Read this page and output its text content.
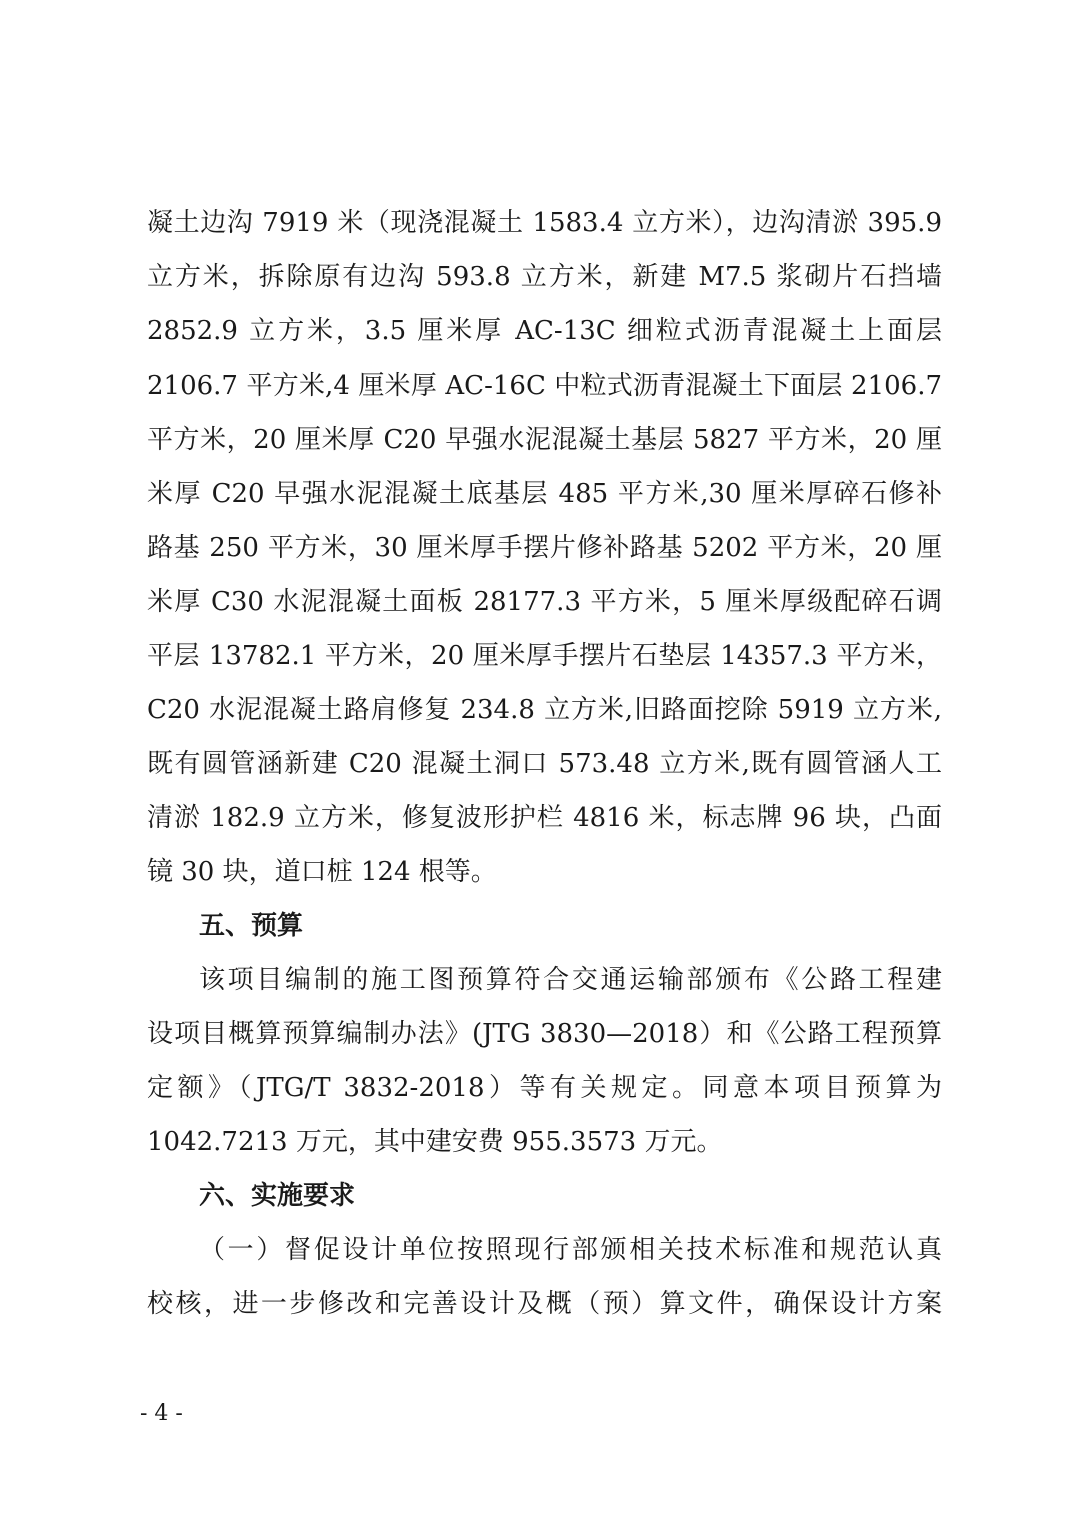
凝土边沟 7919 米（现浇混凝土 1583.4 立方米），边沟清淤 395.9
立方米，拆除原有边沟 593.8 立方米，新建 M7.5 浆砌片石挡墙
2852.9 立方米，3.5 厘米厚 AC-13C 细粒式沥青混凝土上面层
2106.7 平方米,4 厘米厚 AC-16C 中粒式沥青混凝土下面层 2106.7
平方米，20 厘米厚 C20 早强水泥混凝土基层 5827 平方米，20 厘
米厚 C20 早强水泥混凝土底基层 485 平方米,30 厘米厚碎石修补
路基 250 平方米，30 厘米厚手摆片修补路基 5202 平方米，20 厘
米厚 C30 水泥混凝土面板 28177.3 平方米，5 厘米厚级配碎石调
平层 13782.1 平方米，20 厘米厚手摆片石垫层 14357.3 平方米，
C20 水泥混凝土路肩修复 234.8 立方米,旧路面挖除 5919 立方米,
既有圆管涵新建 C20 混凝土洞口 573.48 立方米,既有圆管涵人工
清淤 182.9 立方米，修复波形护栏 4816 米，标志牌 96 块，凸面
镜 30 块，道口桩 124 根等。
五、预算
该项目编制的施工图预算符合交通运输部颁布《公路工程建
设项目概算预算编制办法》(JTG 3830—2018）和《公路工程预算
定额》（JTG/T 3832-2018）等有关规定。同意本项目预算为
1042.7213 万元，其中建安费 955.3573 万元。
六、实施要求
（一）督促设计单位按照现行部颁相关技术标准和规范认真
校核，进一步修改和完善设计及概（预）算文件，确保设计方案
- 4 -
